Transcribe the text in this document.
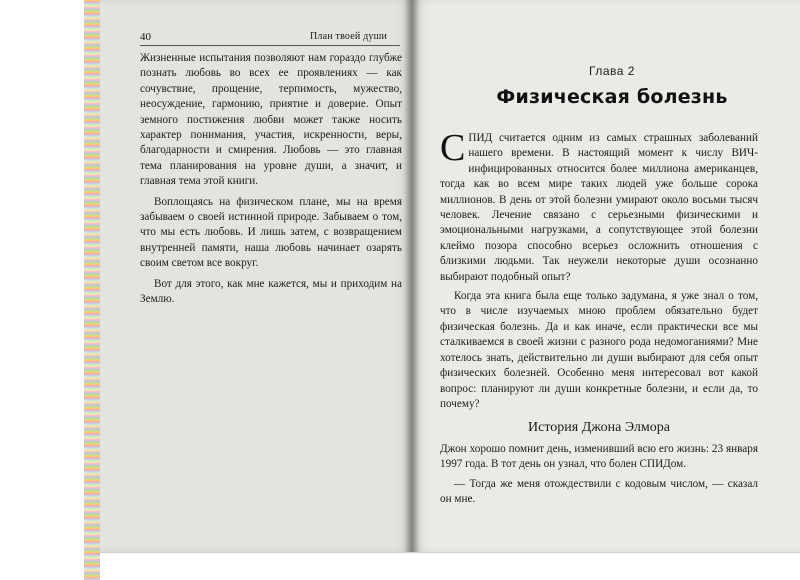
40	План твоей души

Жизненные испытания позволяют нам гораздо глубже познать любовь во всех ее проявлениях — как сочувствие, прощение, терпимость, мужество, неосуждение, гармонию, приятие и доверие. Опыт земного постижения любви может также носить характер понимания, участия, искренности, веры, благодарности и смирения. Любовь — это главная тема планирования на уровне души, а значит, и главная тема этой книги.

Воплощаясь на физическом плане, мы на время забываем о своей истинной природе. Забываем о том, что мы есть любовь. И лишь затем, с возвращением внутренней памяти, наша любовь начинает озарять своим светом все вокруг.

Вот для этого, как мне кажется, мы и приходим на Землю.

Глава 2
Физическая болезнь

СПИД считается одним из самых страшных заболеваний нашего времени. В настоящий момент к числу ВИЧ-инфицированных относится более миллиона американцев, тогда как во всем мире таких людей уже больше сорока миллионов. В день от этой болезни умирают около восьми тысяч человек. Лечение связано с серьезными физическими и эмоциональными нагрузками, а сопутствующее этой болезни клеймо позора способно всерьез осложнить отношения с близкими людьми. Так неужели некоторые души осознанно выбирают подобный опыт?

Когда эта книга была еще только задумана, я уже знал о том, что в числе изучаемых мною проблем обязательно будет физическая болезнь. Да и как иначе, если практически все мы сталкиваемся в своей жизни с разного рода недомоганиями? Мне хотелось знать, действительно ли души выбирают для себя опыт физических болезней. Особенно меня интересовал вот какой вопрос: планируют ли души конкретные болезни, и если да, то почему?

История Джона Элмора

Джон хорошо помнит день, изменивший всю его жизнь: 23 января 1997 года. В тот день он узнал, что болен СПИДом.

— Тогда же меня отождествили с кодовым числом, — сказал он мне.
